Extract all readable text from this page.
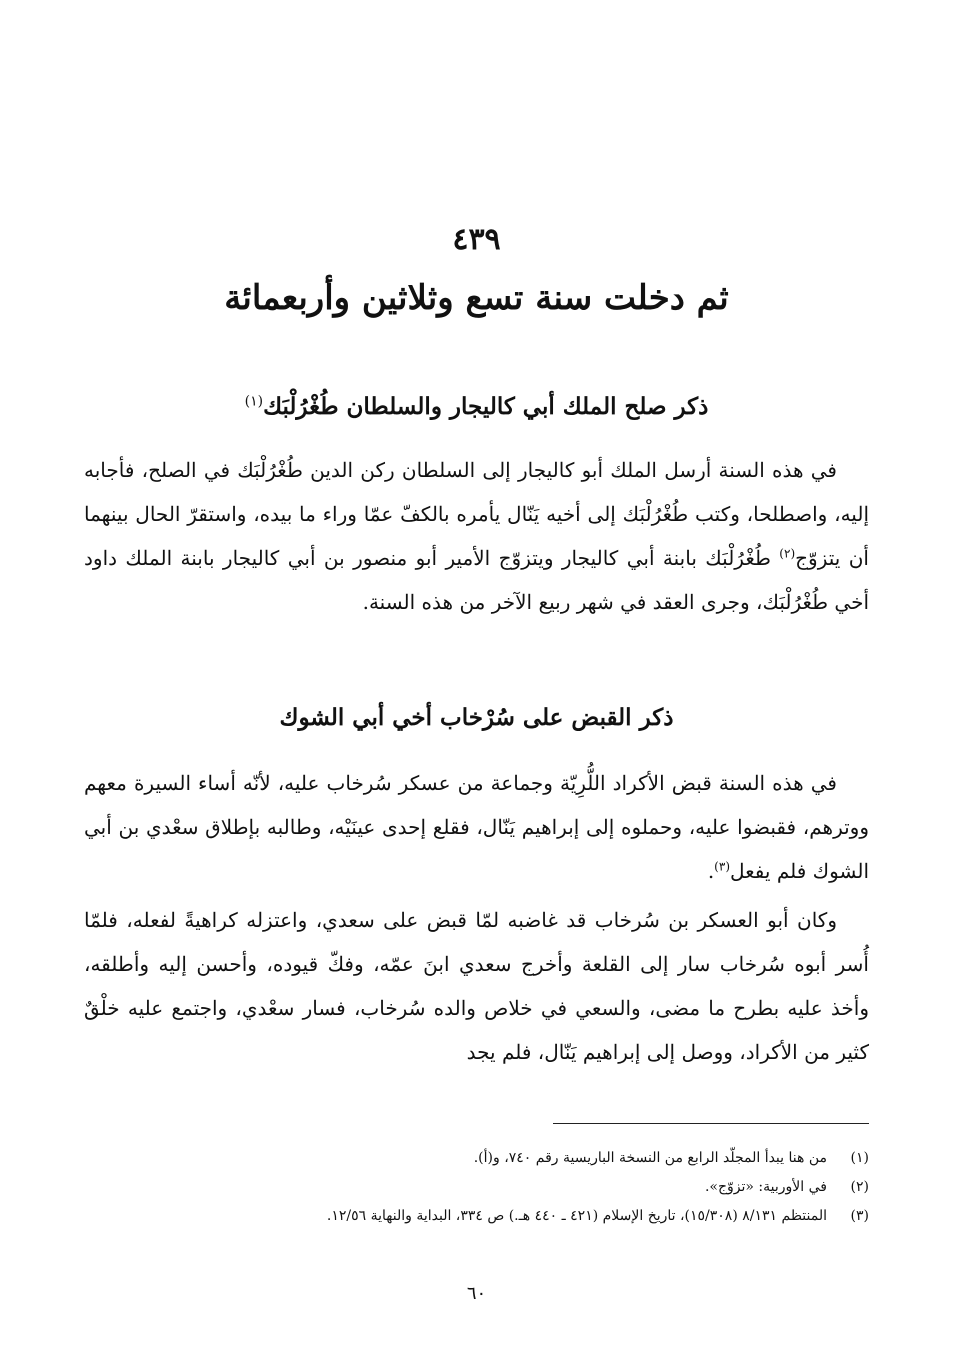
٤٣٩
ثم دخلت سنة تسع وثلاثين وأربعمائة
ذكر صلح الملك أبي كاليجار والسلطان طُغْرُلْبَك$^{(١)}$
في هذه السنة أرسل الملك أبو كاليجار إلى السلطان ركن الدين طُغْرُلْبَك في الصلح، فأجابه إليه، واصطلحا، وكتب طُغْرُلْبَك إلى أخيه يَنّال يأمره بالكفّ عمّا وراء ما بيده، واستقرّ الحال بينهما أن يتزوّج$^{(٢)}$ طُغْرُلْبَك بابنة أبي كاليجار ويتزوّج الأمير أبو منصور بن أبي كاليجار بابنة الملك داود أخي طُغْرُلْبَك، وجرى العقد في شهر ربيع الآخر من هذه السنة.
ذكر القبض على سُرْخاب أخي أبي الشوك
في هذه السنة قبض الأكراد اللُّرِيّة وجماعة من عسكر سُرخاب عليه، لأنّه أساء السيرة معهم ووترهم، فقبضوا عليه، وحملوه إلى إبراهيم يَنّال، فقلع إحدى عينَيْه، وطالبه بإطلاق سعْدي بن أبي الشوك فلم يفعل$^{(٣)}$.
وكان أبو العسكر بن سُرخاب قد غاضبه لمّا قبض على سعدي، واعتزله كراهيةً لفعله، فلمّا أُسر أبوه سُرخاب سار إلى القلعة وأخرج سعدي ابنَ عمّه، وفكّ قيوده، وأحسن إليه وأطلقه، وأخذ عليه بطرح ما مضى، والسعي في خلاص والده سُرخاب، فسار سعْدي، واجتمع عليه خلْقٌ كثير من الأكراد، ووصل إلى إبراهيم يَنّال، فلم يجد
(١)
من هنا يبدأ المجلّد الرابع من النسخة الباريسية رقم ٧٤٠، و(أ).
(٢)
في الأوربية: «تزوّج».
(٣)
المنتظم ٨/١٣١ (١٥/٣٠٨)، تاريخ الإسلام (٤٢١ ـ ٤٤٠ هـ.) ص ٣٣٤، البداية والنهاية ١٢/٥٦.
٦٠
